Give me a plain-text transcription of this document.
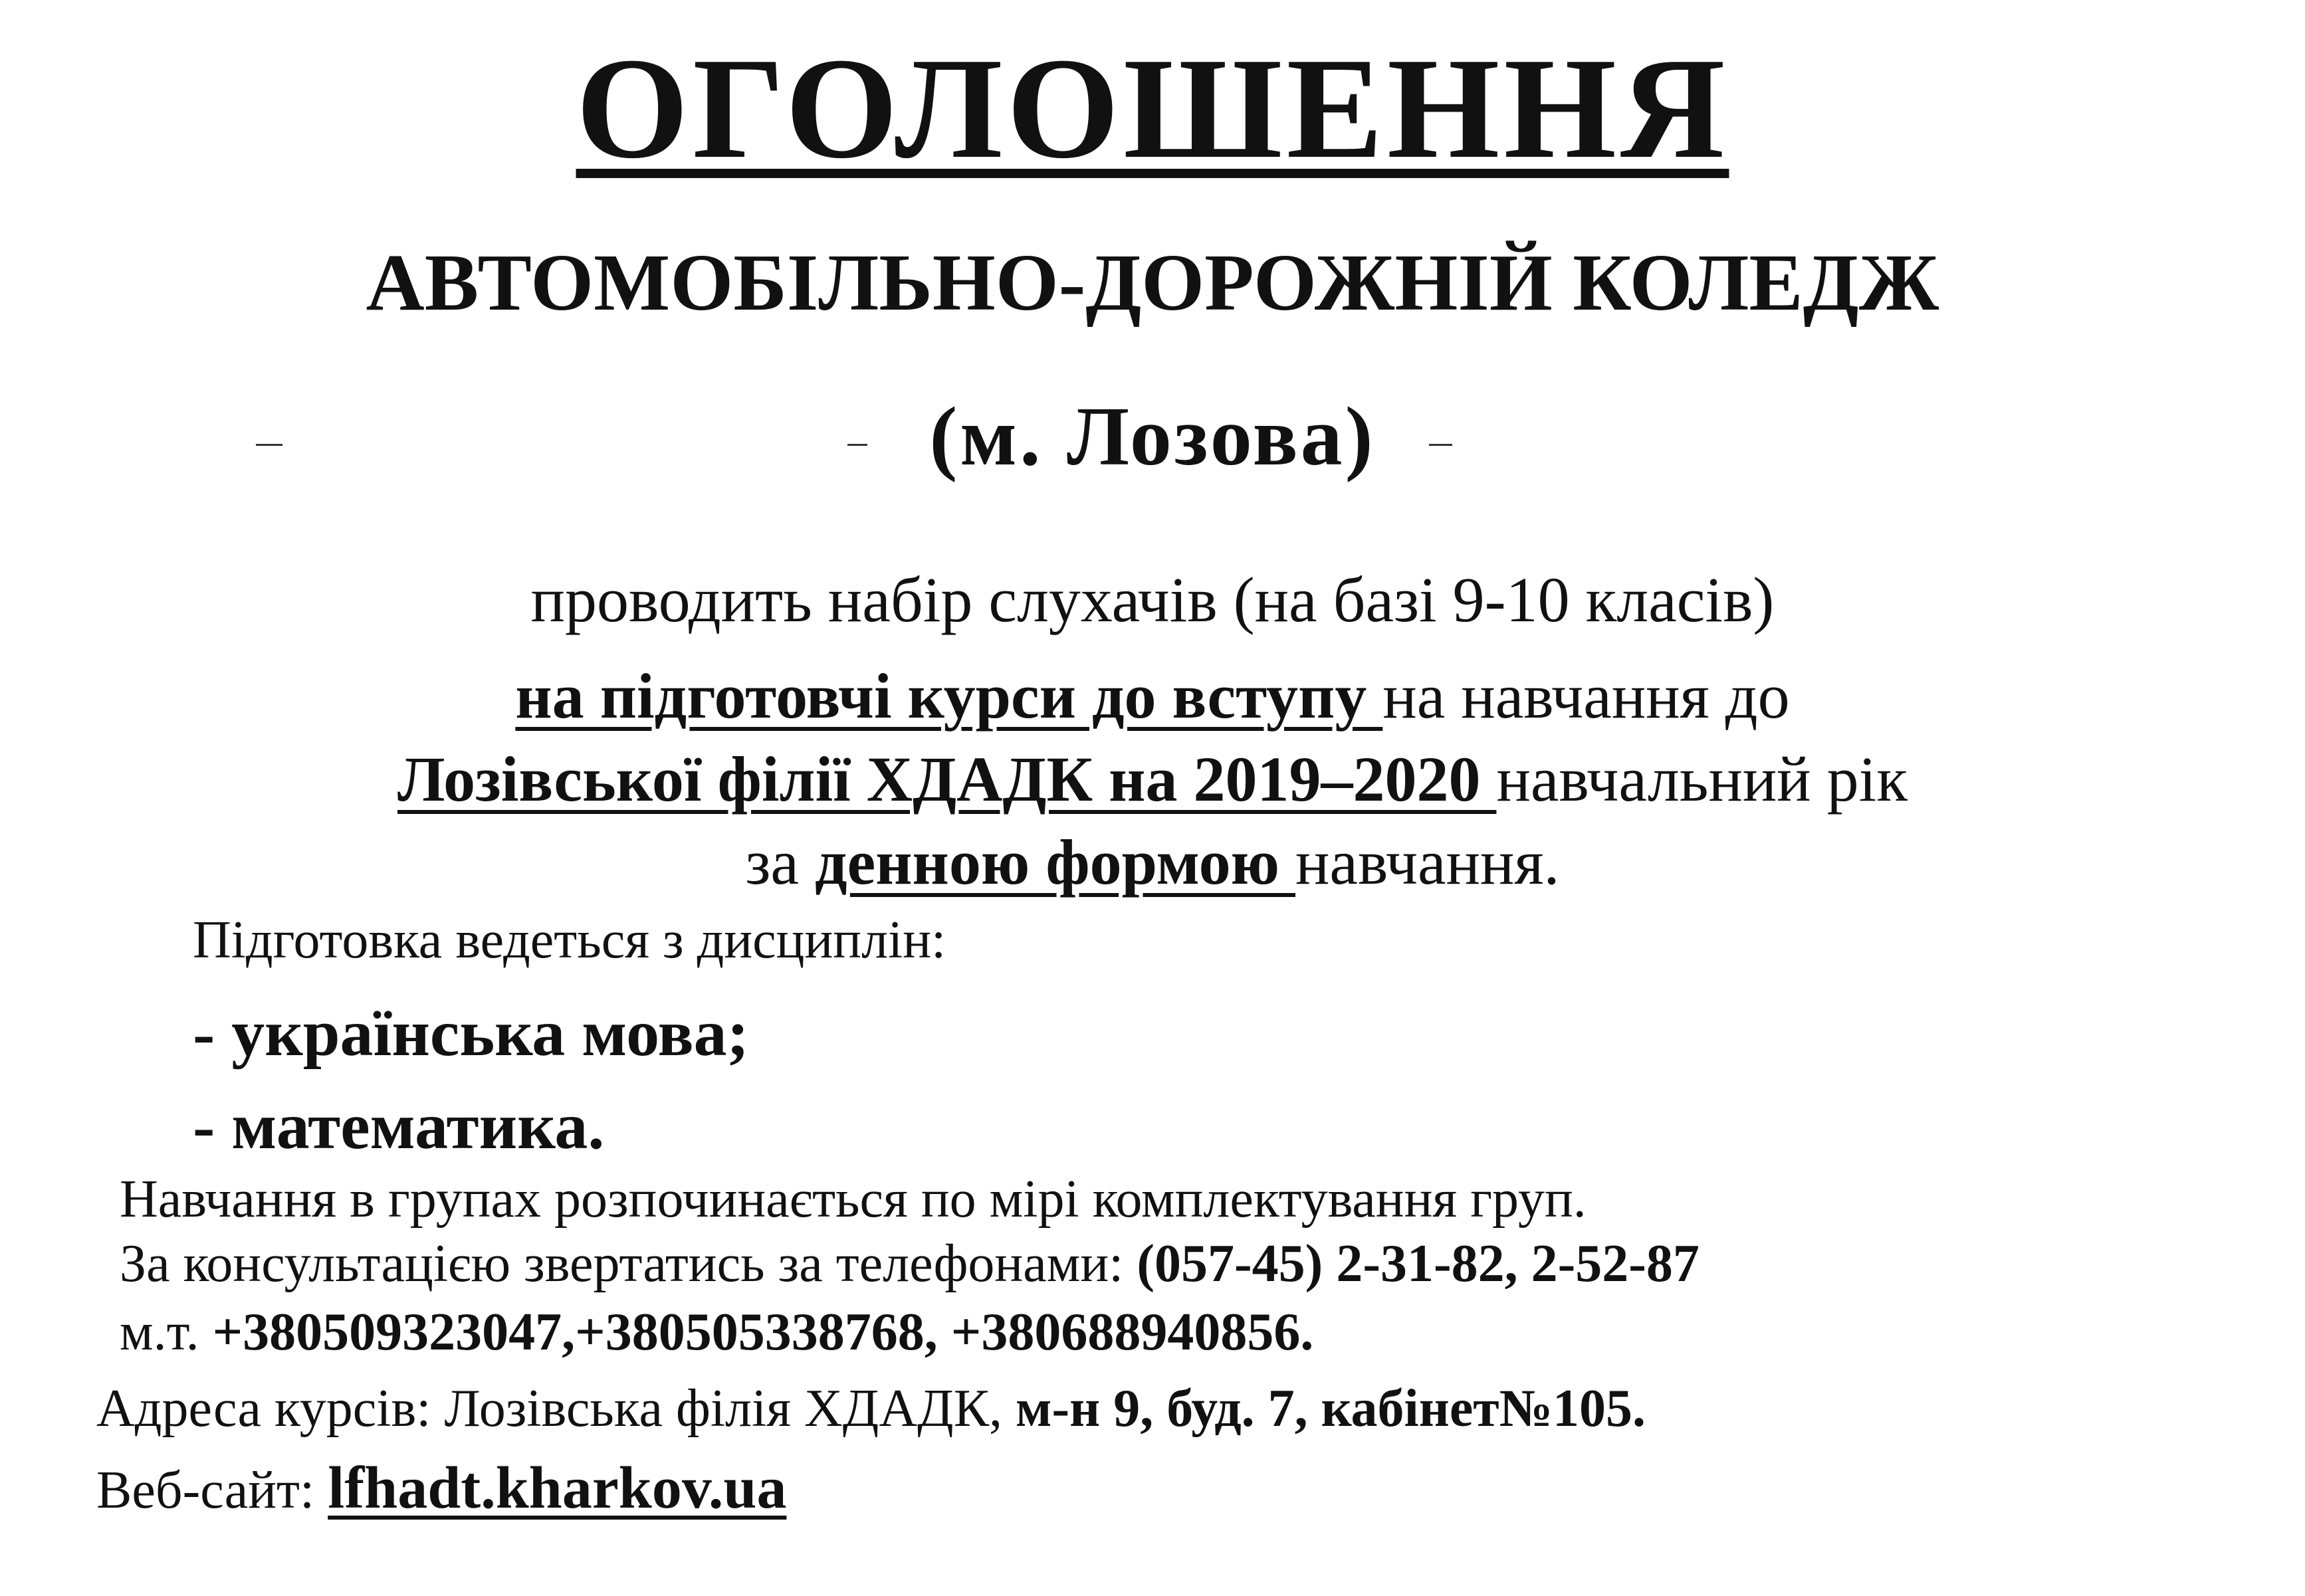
ОГОЛОШЕННЯ
АВТОМОБІЛЬНО-ДОРОЖНІЙ КОЛЕДЖ
(м. Лозова)
проводить набір слухачів (на базі 9-10 класів)
на підготовчі курси до вступу на навчання до
Лозівської філії ХДАДК на 2019–2020 навчальний рік
за денною формою навчання.
Підготовка ведеться з дисциплін:
- українська мова;
- математика.
Навчання в групах розпочинається по мірі комплектування груп.
За консультацією звертатись за телефонами: (057-45) 2-31-82, 2-52-87
м.т. +380509323047,+380505338768, +380688940856.
Адреса курсів: Лозівська філія ХДАДК, м-н 9, буд. 7, кабінет№105.
Веб-сайт: lfhadt.kharkov.ua
